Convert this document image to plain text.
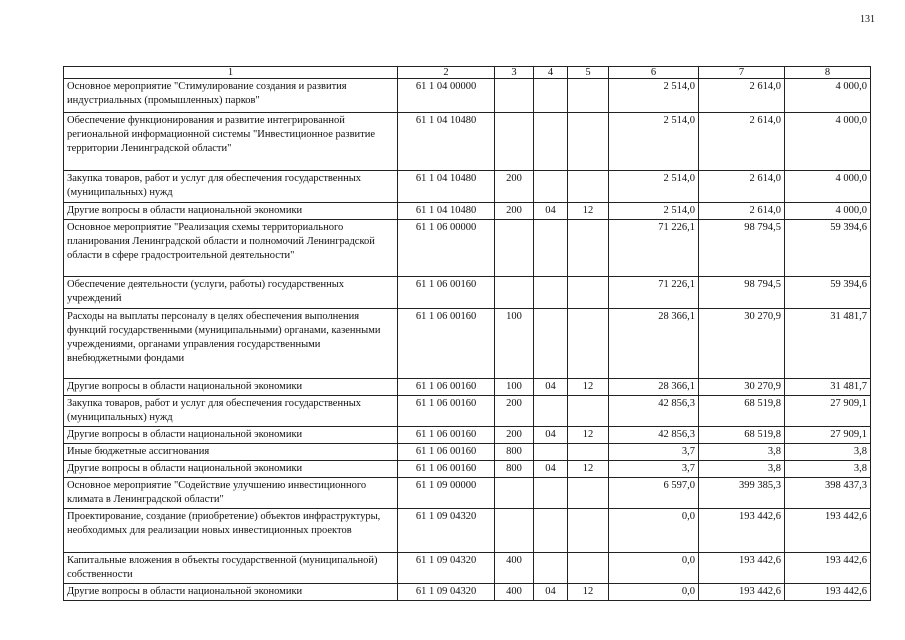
131
1	2	3	4	5	6	7	8
Основное мероприятие "Стимулирование создания и развития индустриальных (промышленных) парков"	61 1 04 00000				2 514,0	2 614,0	4 000,0
Обеспечение функционирования и развитие интегрированной региональной информационной системы "Инвестиционное развитие территории Ленинградской области"	61 1 04 10480				2 514,0	2 614,0	4 000,0
Закупка товаров, работ и услуг для обеспечения государственных (муниципальных) нужд	61 1 04 10480	200			2 514,0	2 614,0	4 000,0
Другие вопросы в области национальной экономики	61 1 04 10480	200	04	12	2 514,0	2 614,0	4 000,0
Основное мероприятие "Реализация схемы территориального планирования Ленинградской области и полномочий Ленинградской области в сфере градостроительной деятельности"	61 1 06 00000				71 226,1	98 794,5	59 394,6
Обеспечение деятельности (услуги, работы) государственных учреждений	61 1 06 00160				71 226,1	98 794,5	59 394,6
Расходы на выплаты персоналу в целях обеспечения выполнения функций государственными (муниципальными) органами, казенными учреждениями, органами управления государственными внебюджетными фондами	61 1 06 00160	100			28 366,1	30 270,9	31 481,7
Другие вопросы в области национальной экономики	61 1 06 00160	100	04	12	28 366,1	30 270,9	31 481,7
Закупка товаров, работ и услуг для обеспечения государственных (муниципальных) нужд	61 1 06 00160	200			42 856,3	68 519,8	27 909,1
Другие вопросы в области национальной экономики	61 1 06 00160	200	04	12	42 856,3	68 519,8	27 909,1
Иные бюджетные ассигнования	61 1 06 00160	800			3,7	3,8	3,8
Другие вопросы в области национальной экономики	61 1 06 00160	800	04	12	3,7	3,8	3,8
Основное мероприятие "Содействие улучшению инвестиционного климата в Ленинградской области"	61 1 09 00000				6 597,0	399 385,3	398 437,3
Проектирование, создание (приобретение) объектов инфраструктуры, необходимых для реализации новых инвестиционных проектов	61 1 09 04320				0,0	193 442,6	193 442,6
Капитальные вложения в объекты государственной (муниципальной) собственности	61 1 09 04320	400			0,0	193 442,6	193 442,6
Другие вопросы в области национальной экономики	61 1 09 04320	400	04	12	0,0	193 442,6	193 442,6
